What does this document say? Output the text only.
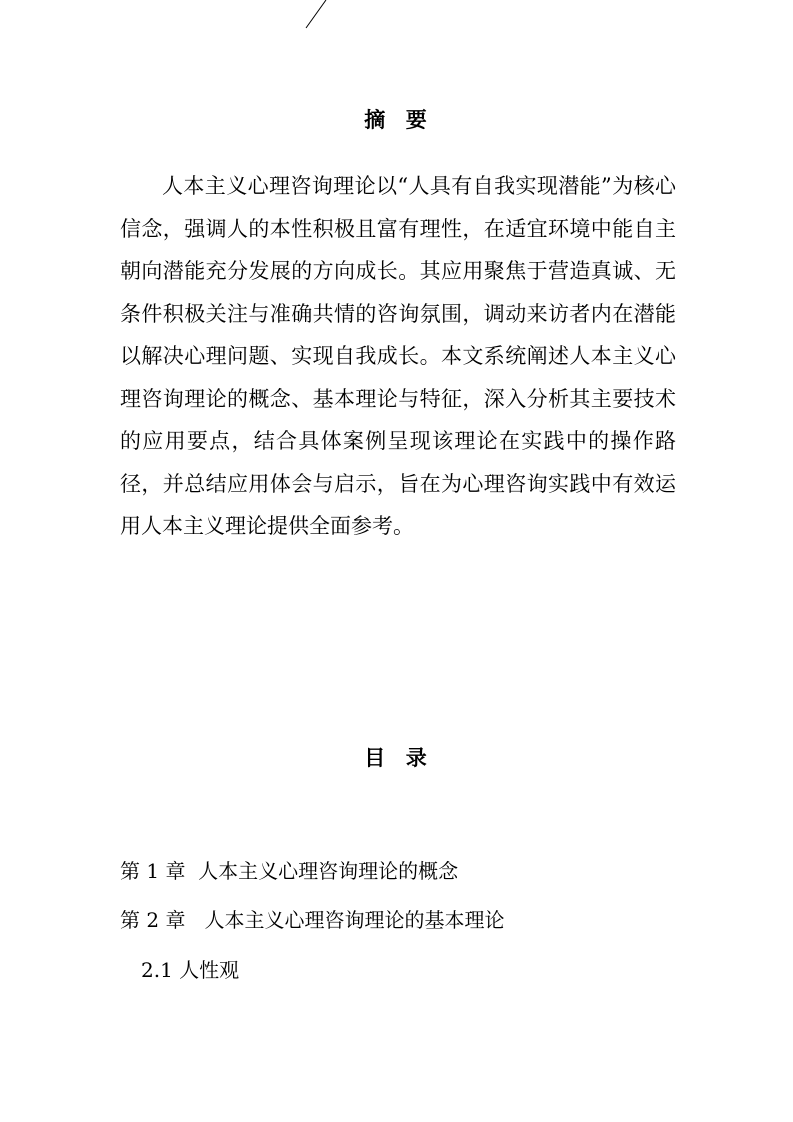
摘  要

人本主义心理咨询理论以“人具有自我实现潜能”为核心信念，强调人的本性积极且富有理性，在适宜环境中能自主朝向潜能充分发展的方向成长。其应用聚焦于营造真诚、无条件积极关注与准确共情的咨询氛围，调动来访者内在潜能以解决心理问题、实现自我成长。本文系统阐述人本主义心理咨询理论的概念、基本理论与特征，深入分析其主要技术的应用要点，结合具体案例呈现该理论在实践中的操作路径，并总结应用体会与启示，旨在为心理咨询实践中有效运用人本主义理论提供全面参考。

目  录
第 1 章  人本主义心理咨询理论的概念
第 2 章   人本主义心理咨询理论的基本理论
2.1 人性观
